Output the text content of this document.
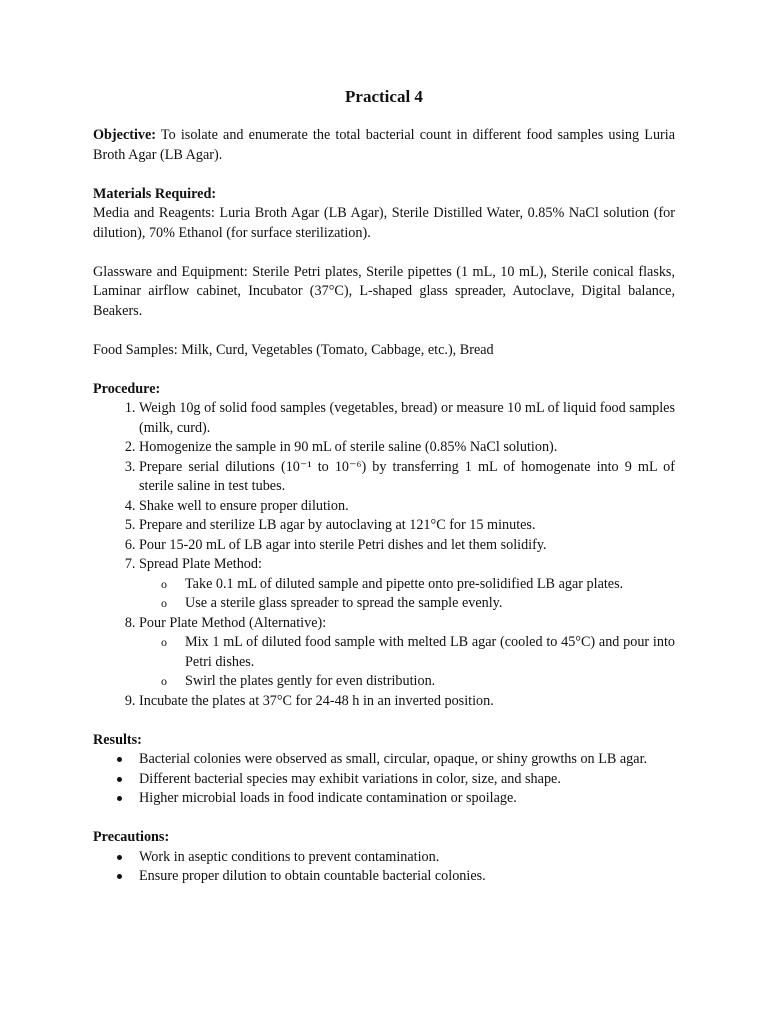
Practical 4

Objective: To isolate and enumerate the total bacterial count in different food samples using Luria Broth Agar (LB Agar).

Materials Required:

Media and Reagents: Luria Broth Agar (LB Agar), Sterile Distilled Water, 0.85% NaCl solution (for dilution), 70% Ethanol (for surface sterilization).

Glassware and Equipment: Sterile Petri plates, Sterile pipettes (1 mL, 10 mL), Sterile conical flasks, Laminar airflow cabinet, Incubator (37°C), L-shaped glass spreader, Autoclave, Digital balance, Beakers.

Food Samples: Milk, Curd, Vegetables (Tomato, Cabbage, etc.), Bread

Procedure:

1. Weigh 10g of solid food samples (vegetables, bread) or measure 10 mL of liquid food samples (milk, curd).
2. Homogenize the sample in 90 mL of sterile saline (0.85% NaCl solution).
3. Prepare serial dilutions (10⁻¹ to 10⁻⁶) by transferring 1 mL of homogenate into 9 mL of sterile saline in test tubes.
4. Shake well to ensure proper dilution.
5. Prepare and sterilize LB agar by autoclaving at 121°C for 15 minutes.
6. Pour 15-20 mL of LB agar into sterile Petri dishes and let them solidify.
7. Spread Plate Method:
o Take 0.1 mL of diluted sample and pipette onto pre-solidified LB agar plates.
o Use a sterile glass spreader to spread the sample evenly.
8. Pour Plate Method (Alternative):
o Mix 1 mL of diluted food sample with melted LB agar (cooled to 45°C) and pour into Petri dishes.
o Swirl the plates gently for even distribution.
9. Incubate the plates at 37°C for 24-48 h in an inverted position.

Results:

Bacterial colonies were observed as small, circular, opaque, or shiny growths on LB agar.
Different bacterial species may exhibit variations in color, size, and shape.
Higher microbial loads in food indicate contamination or spoilage.

Precautions:

Work in aseptic conditions to prevent contamination.
Ensure proper dilution to obtain countable bacterial colonies.
